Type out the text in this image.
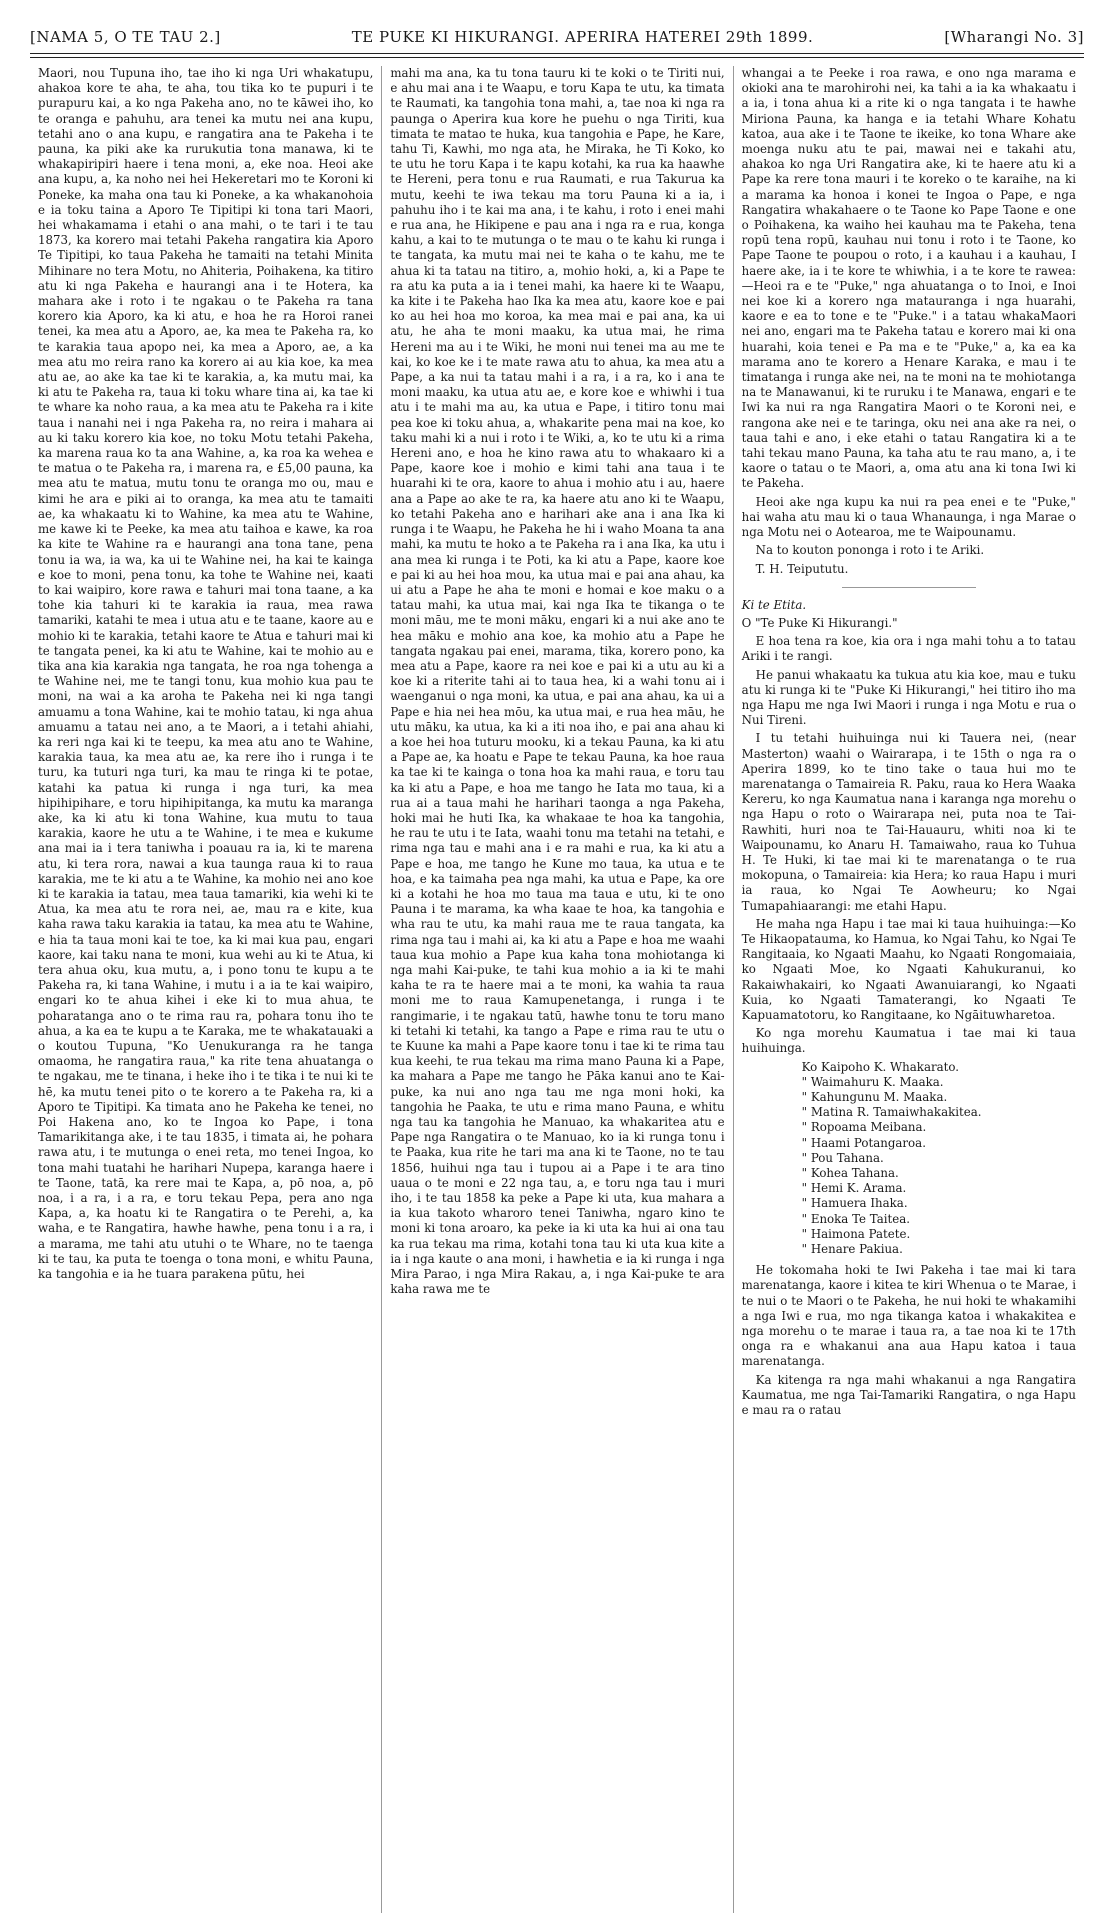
[NAMA 5, O TE TAU 2.]	TE PUKE KI HIKURANGI. APERIRA HATEREI 29th 1899.	[Wharangi No. 3]

Maori, nou Tupuna iho, tae iho ki nga Uri whakatupu, ahakoa kore te aha, te aha, tou tika ko te pupuri i te purapuru kai, a ko nga Pakeha ano, no te kāwei iho, ko te oranga e pahuhu, ara tenei ka mutu nei ana kupu, tetahi ano o ana kupu, e rangatira ana te Pakeha i te pauna, ka piki ake ka rurukutia tona manawa, ki te whakapiripiri haere i tena moni, a, eke noa. Heoi ake ana kupu, a, ka noho nei hei Hekeretari mo te Koroni ki Poneke, ka maha ona tau ki Poneke, a ka whakanohoia e ia toku taina a Aporo Te Tipitipi ki tona tari Maori, hei whakamama i etahi o ana mahi, o te tari i te tau 1873, ka korero mai tetahi Pakeha rangatira kia Aporo Te Tipitipi, ko taua Pakeha he tamaiti na tetahi Minita Mihinare no tera Motu, no Ahiteria, Poihakena, ka titiro atu ki nga Pakeha e haurangi ana i te Hotera, ka mahara ake i roto i te ngakau o te Pakeha ra tana korero kia Aporo, ka ki atu, e hoa he ra Horoi ranei tenei, ka mea atu a Aporo, ae, ka mea te Pakeha ra, ko te karakia taua apopo nei, ka mea a Aporo, ae, a ka mea atu mo reira rano ka korero ai au kia koe, ka mea atu ae, ao ake ka tae ki te karakia, a, ka mutu mai, ka ki atu te Pakeha ra, taua ki toku whare tina ai, ka tae ki te whare ka noho raua, a ka mea atu te Pakeha ra i kite taua i nanahi nei i nga Pakeha ra, no reira i mahara ai au ki taku korero kia koe, no toku Motu tetahi Pakeha, ka marena raua ko ta ana Wahine, a, ka roa ka wehea e te matua o te Pakeha ra, i marena ra, e £5,00 pauna, ka mea atu te matua, mutu tonu te oranga mo ou, mau e kimi he ara e piki ai to oranga, ka mea atu te tamaiti ae, ka whakaatu ki to Wahine, ka mea atu te Wahine, me kawe ki te Peeke, ka mea atu taihoa e kawe, ka roa ka kite te Wahine ra e haurangi ana tona tane, pena tonu ia wa, ia wa, ka ui te Wahine nei, ha kai te kainga e koe to moni, pena tonu, ka tohe te Wahine nei, kaati to kai waipiro, kore rawa e tahuri mai tona taane, a ka tohe kia tahuri ki te karakia ia raua, mea rawa tamariki, katahi te mea i utua atu e te taane, kaore au e mohio ki te karakia, tetahi kaore te Atua e tahuri mai ki te tangata penei, ka ki atu te Wahine, kai te mohio au e tika ana kia karakia nga tangata, he roa nga tohenga a te Wahine nei, me te tangi tonu, kua mohio kua pau te moni, na wai a ka aroha te Pakeha nei ki nga tangi amuamu a tona Wahine, kai te mohio tatau, ki nga ahua amuamu a tatau nei ano, a te Maori, a i tetahi ahiahi, ka reri nga kai ki te teepu, ka mea atu ano te Wahine, karakia taua, ka mea atu ae, ka rere iho i runga i te turu, ka tuturi nga turi, ka mau te ringa ki te potae, katahi ka patua ki runga i nga turi, ka mea hipihipihare, e toru hipihipitanga, ka mutu ka maranga ake, ka ki atu ki tona Wahine, kua mutu to taua karakia, kaore he utu a te Wahine, i te mea e kukume ana mai ia i tera taniwha i poauau ra ia, ki te marena atu, ki tera rora, nawai a kua taunga raua ki to raua karakia, me te ki atu a te Wahine, ka mohio nei ano koe ki te karakia ia tatau, mea taua tamariki, kia wehi ki te Atua, ka mea atu te rora nei, ae, mau ra e kite, kua kaha rawa taku karakia ia tatau, ka mea atu te Wahine, e hia ta taua moni kai te toe, ka ki mai kua pau, engari kaore, kai taku nana te moni, kua wehi au ki te Atua, ki tera ahua oku, kua mutu, a, i pono tonu te kupu a te Pakeha ra, ki tana Wahine, i mutu i a ia te kai waipiro, engari ko te ahua kihei i eke ki to mua ahua, te poharatanga ano o te rima rau ra, pohara tonu iho te ahua, a ka ea te kupu a te Karaka, me te whakatauaki a o koutou Tupuna, "Ko Uenukuranga ra he tanga omaoma, he rangatira raua," ka rite tena ahuatanga o te ngakau, me te tinana, i heke iho i te tika i te nui ki te hē, ka mutu tenei pito o te korero a te Pakeha ra, ki a Aporo te Tipitipi. Ka timata ano he Pakeha ke tenei, no Poi Hakena ano, ko te Ingoa ko Pape, i tona Tamarikitanga ake, i te tau 1835, i timata ai, he pohara rawa atu, i te mutunga o enei reta, mo tenei Ingoa, ko tona mahi tuatahi he harihari Nupepa, karanga haere i te Taone, tatā, ka rere mai te Kapa, a, pō noa, a, pō noa, i a ra, i a ra, e toru tekau Pepa, pera ano nga Kapa, a, ka hoatu ki te Rangatira o te Perehi, a, ka waha, e te Rangatira, hawhe hawhe, pena tonu i a ra, i a marama, me tahi atu utuhi o te Whare, no te taenga ki te tau, ka puta te toenga o tona moni, e whitu Pauna, ka tangohia e ia he tuara parakena pūtu, hei

mahi ma ana, ka tu tona tauru ki te koki o te Tiriti nui, e ahu mai ana i te Waapu, e toru Kapa te utu, ka timata te Raumati, ka tangohia tona mahi, a, tae noa ki nga ra paunga o Aperira kua kore he puehu o nga Tiriti, kua timata te matao te huka, kua tangohia e Pape, he Kare, tahu Ti, Kawhi, mo nga ata, he Miraka, he Ti Koko, ko te utu he toru Kapa i te kapu kotahi, ka rua ka haawhe te Hereni, pera tonu e rua Raumati, e rua Takurua ka mutu, keehi te iwa tekau ma toru Pauna ki a ia, i pahuhu iho i te kai ma ana, i te kahu, i roto i enei mahi e rua ana, he Hikipene e pau ana i nga ra e rua, konga kahu, a kai to te mutunga o te mau o te kahu ki runga i te tangata, ka mutu mai nei te kaha o te kahu, me te ahua ki ta tatau na titiro, a, mohio hoki, a, ki a Pape te ra atu ka puta a ia i tenei mahi, ka haere ki te Waapu, ka kite i te Pakeha hao Ika ka mea atu, kaore koe e pai ko au hei hoa mo koroa, ka mea mai e pai ana, ka ui atu, he aha te moni maaku, ka utua mai, he rima Hereni ma au i te Wiki, he moni nui tenei ma au me te kai, ko koe ke i te mate rawa atu to ahua, ka mea atu a Pape, a ka nui ta tatau mahi i a ra, i a ra, ko i ana te moni maaku, ka utua atu ae, e kore koe e whiwhi i tua atu i te mahi ma au, ka utua e Pape, i titiro tonu mai pea koe ki toku ahua, a, whakarite pena mai na koe, ko taku mahi ki a nui i roto i te Wiki, a, ko te utu ki a rima Hereni ano, e hoa he kino rawa atu to whakaaro ki a Pape, kaore koe i mohio e kimi tahi ana taua i te huarahi ki te ora, kaore to ahua i mohio atu i au, haere ana a Pape ao ake te ra, ka haere atu ano ki te Waapu, ko tetahi Pakeha ano e harihari ake ana i ana Ika ki runga i te Waapu, he Pakeha he hi i waho Moana ta ana mahi, ka mutu te hoko a te Pakeha ra i ana Ika, ka utu i ana mea ki runga i te Poti, ka ki atu a Pape, kaore koe e pai ki au hei hoa mou, ka utua mai e pai ana ahau, ka ui atu a Pape he aha te moni e homai e koe maku o a tatau mahi, ka utua mai, kai nga Ika te tikanga o te moni māu, me te moni māku, engari ki a nui ake ano te hea māku e mohio ana koe, ka mohio atu a Pape he tangata ngakau pai enei, marama, tika, korero pono, ka mea atu a Pape, kaore ra nei koe e pai ki a utu au ki a koe ki a riterite tahi ai to taua hea, ki a wahi tonu ai i waenganui o nga moni, ka utua, e pai ana ahau, ka ui a Pape e hia nei hea mōu, ka utua mai, e rua hea māu, he utu māku, ka utua, ka ki a iti noa iho, e pai ana ahau ki a koe hei hoa tuturu mooku, ki a tekau Pauna, ka ki atu a Pape ae, ka hoatu e Pape te tekau Pauna, ka hoe raua ka tae ki te kainga o tona hoa ka mahi raua, e toru tau ka ki atu a Pape, e hoa me tango he Iata mo taua, ki a rua ai a taua mahi he harihari taonga a nga Pakeha, hoki mai he huti Ika, ka whakaae te hoa ka tangohia, he rau te utu i te Iata, waahi tonu ma tetahi na tetahi, e rima nga tau e mahi ana i e ra mahi e rua, ka ki atu a Pape e hoa, me tango he Kune mo taua, ka utua e te hoa, e ka taimaha pea nga mahi, ka utua e Pape, ka ore ki a kotahi he hoa mo taua ma taua e utu, ki te ono Pauna i te marama, ka wha kaae te hoa, ka tangohia e wha rau te utu, ka mahi raua me te raua tangata, ka rima nga tau i mahi ai, ka ki atu a Pape e hoa me waahi taua kua mohio a Pape kua kaha tona mohiotanga ki nga mahi Kai-puke, te tahi kua mohio a ia ki te mahi kaha te ra te haere mai a te moni, ka wahia ta raua moni me to raua Kamupenetanga, i runga i te rangimarie, i te ngakau tatū, hawhe tonu te toru mano ki tetahi ki tetahi, ka tango a Pape e rima rau te utu o te Kuune ka mahi a Pape kaore tonu i tae ki te rima tau kua keehi, te rua tekau ma rima mano Pauna ki a Pape, ka mahara a Pape me tango he Pāka kanui ano te Kai-puke, ka nui ano nga tau me nga moni hoki, ka tangohia he Paaka, te utu e rima mano Pauna, e whitu nga tau ka tangohia he Manuao, ka whakaritea atu e Pape nga Rangatira o te Manuao, ko ia ki runga tonu i te Paaka, kua rite he tari ma ana ki te Taone, no te tau 1856, huihui nga tau i tupou ai a Pape i te ara tino uaua o te moni e 22 nga tau, a, e toru nga tau i muri iho, i te tau 1858 ka peke a Pape ki uta, kua mahara a ia kua takoto wharoro tenei Taniwha, ngaro kino te moni ki tona aroaro, ka peke ia ki uta ka hui ai ona tau ka rua tekau ma rima, kotahi tona tau ki uta kua kite a ia i nga kaute o ana moni, i hawhetia e ia ki runga i nga Mira Parao, i nga Mira Rakau, a, i nga Kai-puke te ara kaha rawa me te

whangai a te Peeke i roa rawa, e ono nga marama e okioki ana te marohirohi nei, ka tahi a ia ka whakaatu i a ia, i tona ahua ki a rite ki o nga tangata i te hawhe Miriona Pauna, ka hanga e ia tetahi Whare Kohatu katoa, aua ake i te Taone te ikeike, ko tona Whare ake moenga nuku atu te pai, mawai nei e takahi atu, ahakoa ko nga Uri Rangatira ake, ki te haere atu ki a Pape ka rere tona mauri i te koreko o te karaihe, na ki a marama ka honoa i konei te Ingoa o Pape, e nga Rangatira whakahaere o te Taone ko Pape Taone e one o Poihakena, ka waiho hei kauhau ma te Pakeha, tena ropū tena ropū, kauhau nui tonu i roto i te Taone, ko Pape Taone te poupou o roto, i a kauhau i a kauhau, I haere ake, ia i te kore te whiwhia, i a te kore te rawea:—Heoi ra e te "Puke," nga ahuatanga o to Inoi, e Inoi nei koe ki a korero nga matauranga i nga huarahi, kaore e ea to tone e te "Puke." i a tatau whakaMaori nei ano, engari ma te Pakeha tatau e korero mai ki ona huarahi, koia tenei e Pa ma e te "Puke," a, ka ea ka marama ano te korero a Henare Karaka, e mau i te timatanga i runga ake nei, na te moni na te mohiotanga na te Manawanui, ki te ruruku i te Manawa, engari e te Iwi ka nui ra nga Rangatira Maori o te Koroni nei, e rangona ake nei e te taringa, oku nei ana ake ra nei, o taua tahi e ano, i eke etahi o tatau Rangatira ki a te tahi tekau mano Pauna, ka taha atu te rau mano, a, i te kaore o tatau o te Maori, a, oma atu ana ki tona Iwi ki te Pakeha.

Heoi ake nga kupu ka nui ra pea enei e te "Puke," hai waha atu mau ki o taua Whanaunga, i nga Marae o nga Motu nei o Aotearoa, me te Waipounamu.

Na to kouton pononga i roto i te Ariki.

T. H. Teipututu.

Ki te Etita.

O "Te Puke Ki Hikurangi."

E hoa tena ra koe, kia ora i nga mahi tohu a to tatau Ariki i te rangi.

He panui whakaatu ka tukua atu kia koe, mau e tuku atu ki runga ki te "Puke Ki Hikurangi," hei titiro iho ma nga Hapu me nga Iwi Maori i runga i nga Motu e rua o Nui Tireni.

I tu tetahi huihuinga nui ki Tauera nei, (near Masterton) waahi o Wairarapa, i te 15th o nga ra o Aperira 1899, ko te tino take o taua hui mo te marenatanga o Tamaireia R. Paku, raua ko Hera Waaka Kereru, ko nga Kaumatua nana i karanga nga morehu o nga Hapu o roto o Wairarapa nei, puta noa te Tai-Rawhiti, huri noa te Tai-Hauauru, whiti noa ki te Waipounamu, ko Anaru H. Tamaiwaho, raua ko Tuhua H. Te Huki, ki tae mai ki te marenatanga o te rua mokopuna, o Tamaireia: kia Hera; ko raua Hapu i muri ia raua, ko Ngai Te Aowheuru; ko Ngai Tumapahiaarangi: me etahi Hapu.

He maha nga Hapu i tae mai ki taua huihuinga:—Ko Te Hikaopatauma, ko Hamua, ko Ngai Tahu, ko Ngai Te Rangitaaia, ko Ngaati Maahu, ko Ngaati Rongomaiaia, ko Ngaati Moe, ko Ngaati Kahukuranui, ko Rakaiwhakairi, ko Ngaati Awanuiarangi, ko Ngaati Kuia, ko Ngaati Tamaterangi, ko Ngaati Te Kapuamatotoru, ko Rangitaane, ko Ngāituwharetoa.

Ko nga morehu Kaumatua i tae mai ki taua huihuinga.

Ko Kaipoho K. Whakarato.
" Waimahuru K. Maaka.
" Kahungunu M. Maaka.
" Matina R. Tamaiwhakakitea.
" Ropoama Meibana.
" Haami Potangaroa.
" Pou Tahana.
" Kohea Tahana.
" Hemi K. Arama.
" Hamuera Ihaka.
" Enoka Te Taitea.
" Haimona Patete.
" Henare Pakiua.

He tokomaha hoki te Iwi Pakeha i tae mai ki tara marenatanga, kaore i kitea te kiri Whenua o te Marae, i te nui o te Maori o te Pakeha, he nui hoki te whakamihi a nga Iwi e rua, mo nga tikanga katoa i whakakitea e nga morehu o te marae i taua ra, a tae noa ki te 17th onga ra e whakanui ana aua Hapu katoa i taua marenatanga.

Ka kitenga ra nga mahi whakanui a nga Rangatira Kaumatua, me nga Tai-Tamariki Rangatira, o nga Hapu e mau ra o ratau
